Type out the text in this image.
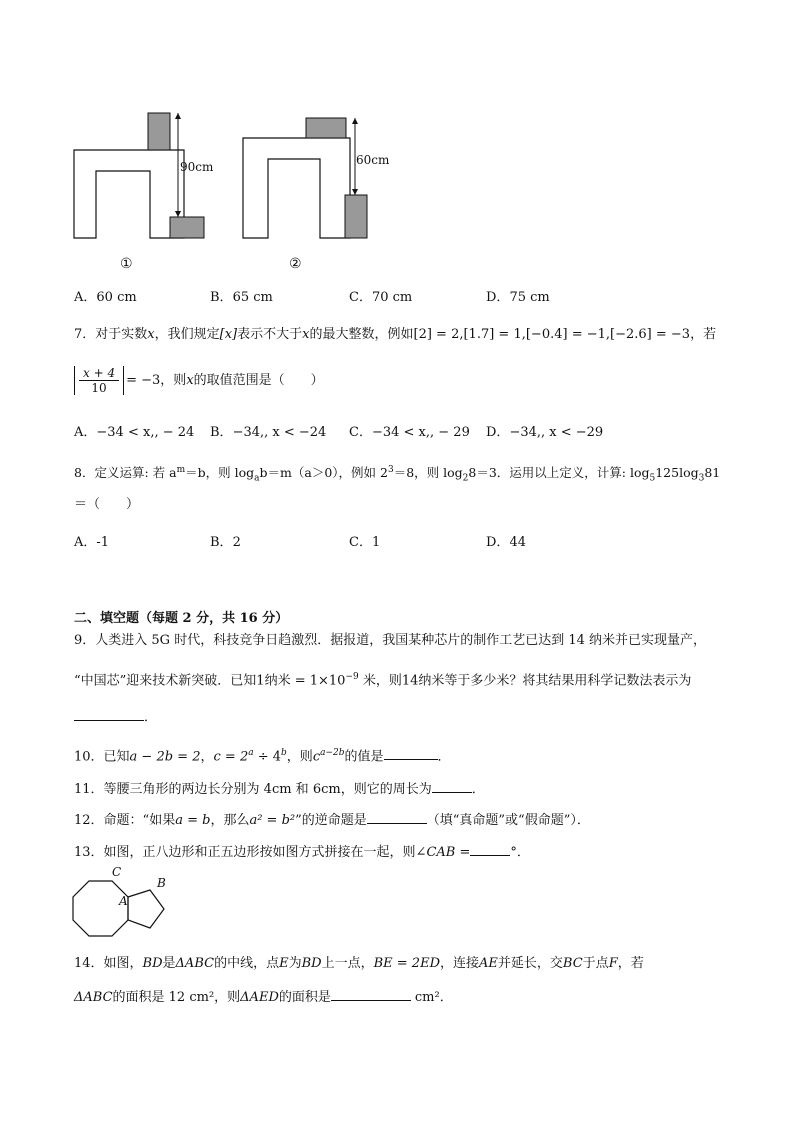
90cm	60cm
①	②
A．60 cm	B．65 cm	C．70 cm	D．75 cm
7．对于实数x，我们规定[x]表示不大于x的最大整数，例如[2] = 2,[1.7] = 1,[−0.4] = −1,[−2.6] = −3，若
$\frac{x + 4}{10} = -3$ ，则 x 的取值范围是（　　）
A．−34 < x,, − 24 B．−34,, x < −24 C．−34 < x,, − 29 D．−34,, x < −29
8．定义运算: 若 $a^m=b$，则 $\log_ab=m(a>0)$，例如 $2^3=8$，则 $\log_28=3$．运用以上定义，计算: $\log_5125\log_381$
＝（　　）
A．-1	B．2	C．1	D．44
二、填空题（每题 2 分，共 16 分）
9．人类进入 5G 时代，科技竞争日趋激烈．据报道，我国某种芯片的制作工艺已达到 14 纳米并已实现量产，
“中国芯”迎来技术新突破．已知1纳米 = $1\times 10^{-9}$ 米，则14纳米等于多少米？将其结果用科学记数法表示为
．
10．已知a − 2b = 2，$c = 2^a \div 4^b$，则$c^{a-2b}$的值是	．
11．等腰三角形的两边长分别为 4cm 和 6cm，则它的周长为	．
12．命题：“如果a = b，那么a² = b²”的逆命题是	（填“真命题”或“假命题”）．
13．如图，正八边形和正五边形按如图方式拼接在一起，则∠CAB =	°．
C
A
B
14．如图，BD是ΔABC的中线，点E为BD上一点，BE = 2ED，连接AE并延长，交BC于点F，若
ΔABC的面积是 12 cm²，则ΔAED的面积是	cm²．
